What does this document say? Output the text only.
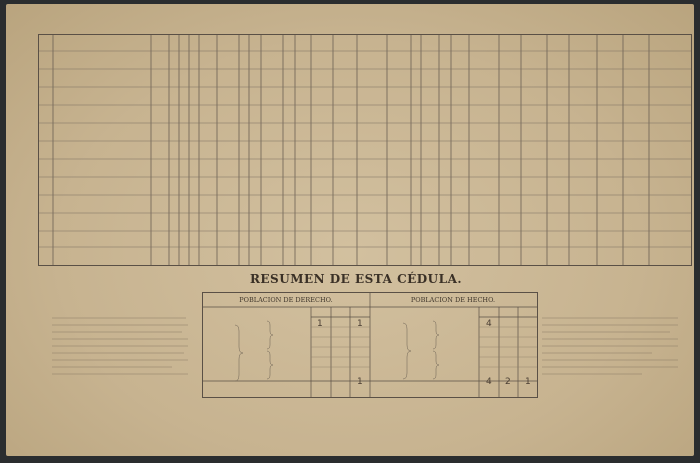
RESUMEN DE ESTA CÉDULA.
POBLACION DE DERECHO.	POBLACION DE HECHO.
1	1
1
4
4 2 1
